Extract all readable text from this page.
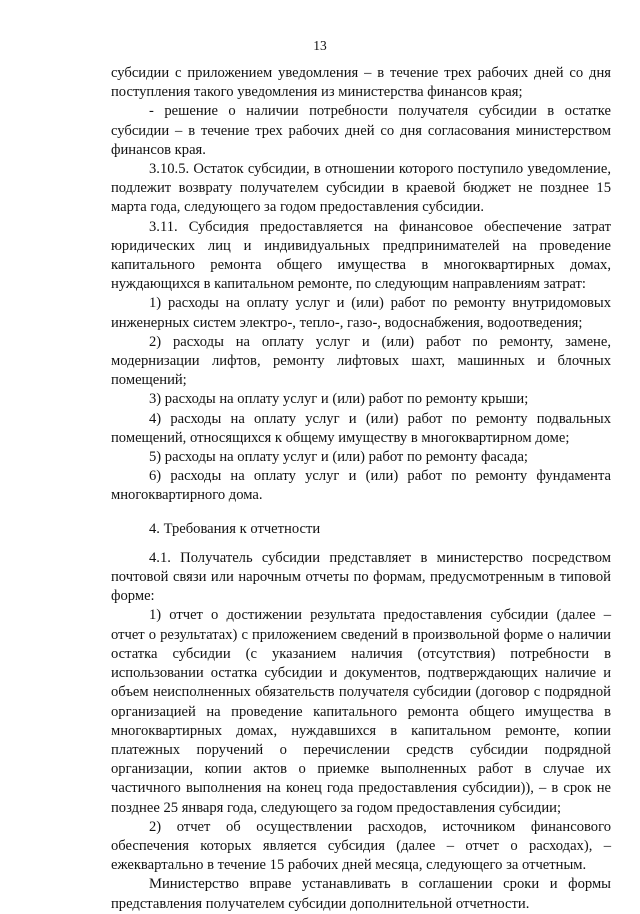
13

субсидии с приложением уведомления – в течение трех рабочих дней со дня поступления такого уведомления из министерства финансов края;

- решение о наличии потребности получателя субсидии в остатке субсидии – в течение трех рабочих дней со дня согласования министерством финансов края.

3.10.5. Остаток субсидии, в отношении которого поступило уведомление, подлежит возврату получателем субсидии в краевой бюджет не позднее 15 марта года, следующего за годом предоставления субсидии.

3.11. Субсидия предоставляется на финансовое обеспечение затрат юридических лиц и индивидуальных предпринимателей на проведение капитального ремонта общего имущества в многоквартирных домах, нуждающихся в капитальном ремонте, по следующим направлениям затрат:

1) расходы на оплату услуг и (или) работ по ремонту внутридомовых инженерных систем электро-, тепло-, газо-, водоснабжения, водоотведения;

2) расходы на оплату услуг и (или) работ по ремонту, замене, модернизации лифтов, ремонту лифтовых шахт, машинных и блочных помещений;

3) расходы на оплату услуг и (или) работ по ремонту крыши;

4) расходы на оплату услуг и (или) работ по ремонту подвальных помещений, относящихся к общему имуществу в многоквартирном доме;

5) расходы на оплату услуг и (или) работ по ремонту фасада;

6) расходы на оплату услуг и (или) работ по ремонту фундамента многоквартирного дома.

4. Требования к отчетности

4.1. Получатель субсидии представляет в министерство посредством почтовой связи или нарочным отчеты по формам, предусмотренным в типовой форме:

1) отчет о достижении результата предоставления субсидии (далее – отчет о результатах) с приложением сведений в произвольной форме о наличии остатка субсидии (с указанием наличия (отсутствия) потребности в использовании остатка субсидии и документов, подтверждающих наличие и объем неисполненных обязательств получателя субсидии (договор с подрядной организацией на проведение капитального ремонта общего имущества в многоквартирных домах, нуждавшихся в капитальном ремонте, копии платежных поручений о перечислении средств субсидии подрядной организации, копии актов о приемке выполненных работ в случае их частичного выполнения на конец года предоставления субсидии)), – в срок не позднее 25 января года, следующего за годом предоставления субсидии;

2) отчет об осуществлении расходов, источником финансового обеспечения которых является субсидия (далее – отчет о расходах), – ежеквартально в течение 15 рабочих дней месяца, следующего за отчетным.

Министерство вправе устанавливать в соглашении сроки и формы представления получателем субсидии дополнительной отчетности.
